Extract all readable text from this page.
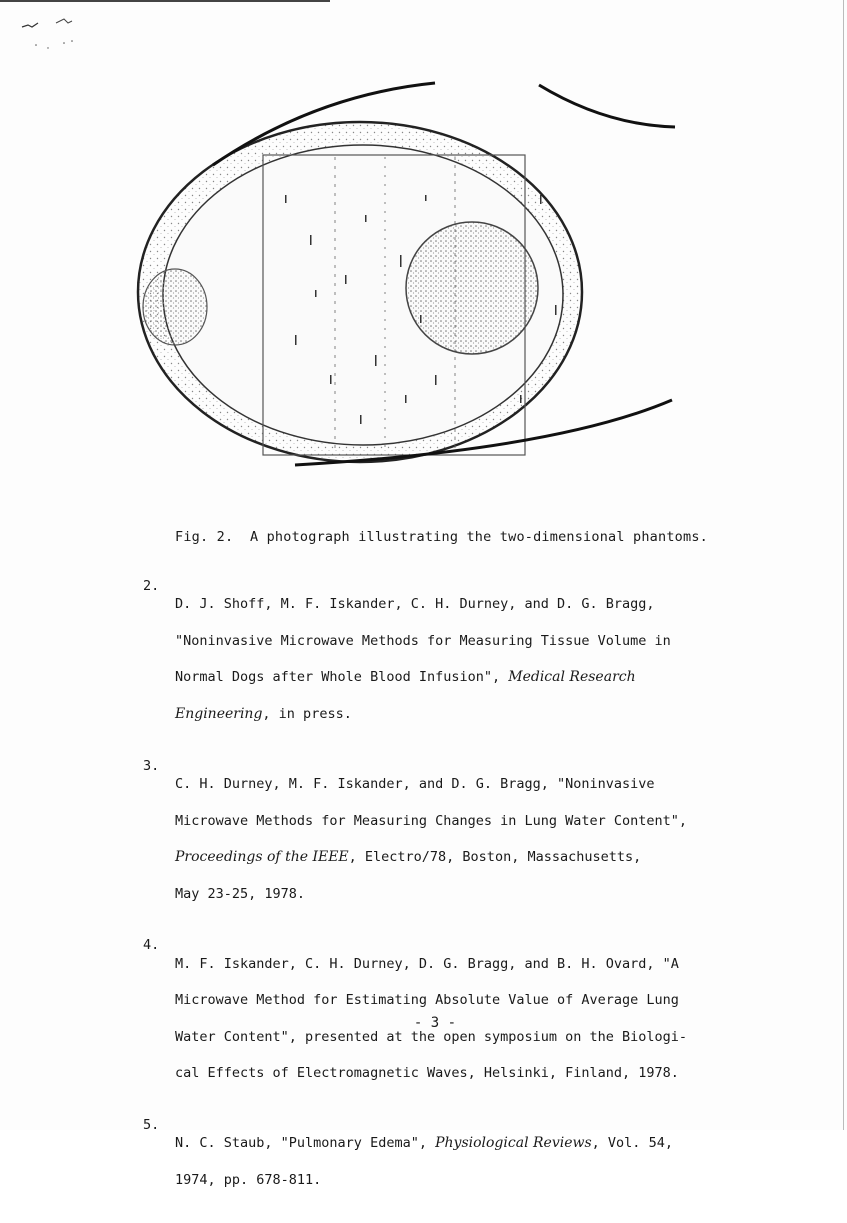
Fig. 2. A photograph illustrating the two-dimensional phantoms.
2.

D. J. Shoff, M. F. Iskander, C. H. Durney, and D. G. Bragg,

"Noninvasive Microwave Methods for Measuring Tissue Volume in

Normal Dogs after Whole Blood Infusion", Medical Research

Engineering, in press.

3.

C. H. Durney, M. F. Iskander, and D. G. Bragg, "Noninvasive

Microwave Methods for Measuring Changes in Lung Water Content",

Proceedings of the IEEE, Electro/78, Boston, Massachusetts,

May 23-25, 1978.

4.

M. F. Iskander, C. H. Durney, D. G. Bragg, and B. H. Ovard, "A

Microwave Method for Estimating Absolute Value of Average Lung

Water Content", presented at the open symposium on the Biologi-

cal Effects of Electromagnetic Waves, Helsinki, Finland, 1978.

5.

N. C. Staub, "Pulmonary Edema", Physiological Reviews, Vol. 54,

1974, pp. 678-811.

- 3 -
